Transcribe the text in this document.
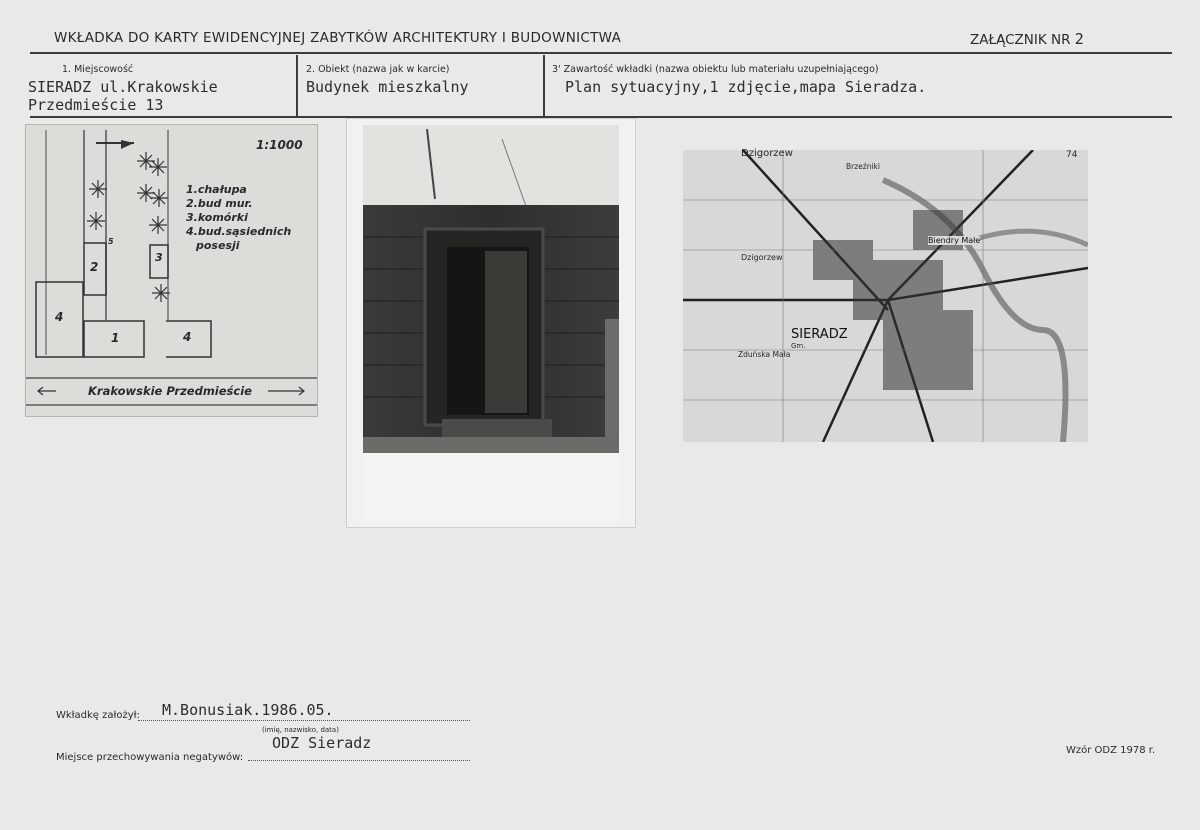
WKŁADKA DO KARTY EWIDENCYJNEJ ZABYTKÓW ARCHITEKTURY I BUDOWNICTWA	ZAŁĄCZNIK NR 2
1. Miejscowość	2. Obiekt (nazwa jak w karcie)	3' Zawartość wkładki (nazwa obiektu lub materiału uzupełniającego)
SIERADZ ul.Krakowskie
Przedmieście 13
Budynek mieszkalny	Plan sytuacyjny,1 zdjęcie,mapa Sieradza.
1:1000
1.chałupa
2.bud mur.
3.komórki
4.bud.sąsiednich
posesji
1
2
3
4
4
5
Krakowskie Przedmieście
Dzigorzew
SIERADZ
Biendry Małe
Dzigorzew
Zduńska Mała
Brzeźniki
Gm.
74
Wkładkę założył: M.Bonusiak.1986.05.
(imię, nazwisko, data)
Miejsce przechowywania negatywów:
ODZ Sieradz	Wzór ODZ 1978 r.
